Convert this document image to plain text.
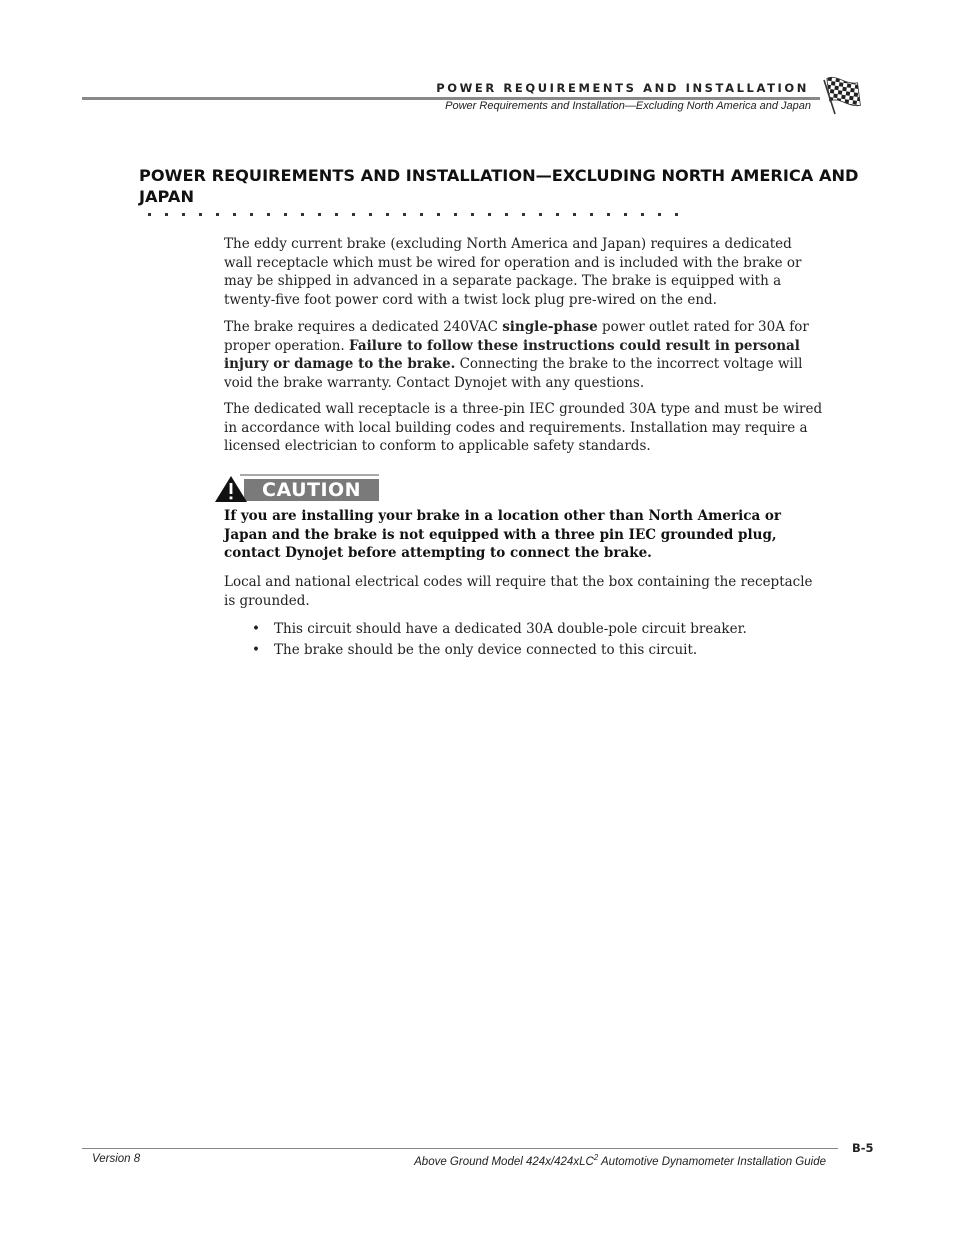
POWER REQUIREMENTS AND INSTALLATION
Power Requirements and Installation—Excluding North America and Japan
POWER REQUIREMENTS AND INSTALLATION—EXCLUDING NORTH AMERICA AND JAPAN

The eddy current brake (excluding North America and Japan) requires a dedicated wall receptacle which must be wired for operation and is included with the brake or may be shipped in advanced in a separate package. The brake is equipped with a twenty-five foot power cord with a twist lock plug pre-wired on the end.

The brake requires a dedicated 240VAC single-phase power outlet rated for 30A for proper operation. Failure to follow these instructions could result in personal injury or damage to the brake. Connecting the brake to the incorrect voltage will void the brake warranty. Contact Dynojet with any questions.

The dedicated wall receptacle is a three-pin IEC grounded 30A type and must be wired in accordance with local building codes and requirements. Installation may require a licensed electrician to conform to applicable safety standards.

CAUTION

If you are installing your brake in a location other than North America or Japan and the brake is not equipped with a three pin IEC grounded plug, contact Dynojet before attempting to connect the brake.

Local and national electrical codes will require that the box containing the receptacle is grounded.

• This circuit should have a dedicated 30A double-pole circuit breaker.
• The brake should be the only device connected to this circuit.
B-5
Version 8	Above Ground Model 424x/424xLC$^2$ Automotive Dynamometer Installation Guide
